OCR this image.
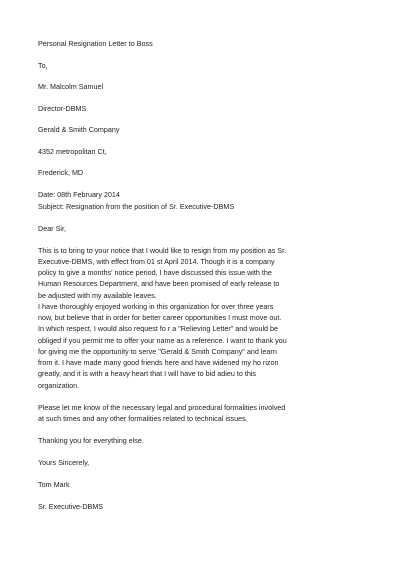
Personal Resignation Letter to Boss
To,
Mr. Malcolm Samuel
Director-DBMS
Gerald & Smith Company
4352 metropolitan Ct,
Frederick, MD
Date: 08th February 2014
Subject: Resignation from the position of Sr. Executive-DBMS
Dear Sir,
This is to bring to your notice that I would like to resign from my position as Sr.
Executive-DBMS, with effect from 01 st April 2014. Though it is a company
policy to give a months' notice period, I have discussed this issue with the
Human Resources Department, and have been promised of early release to
be adjusted with my available leaves.
I have thoroughly enjoyed working in this organization for over three years
now, but believe that in order for better career opportunities I must move out.
In which respect, I would also request fo r a "Relieving Letter" and would be
obliged if you permit me to offer your name as a reference. I want to thank you
for giving me the opportunity to serve "Gerald & Smith Company" and learn
from it. I have made many good friends here and have widened my ho rizon
greatly, and it is with a heavy heart that I will have to bid adieu to this
organization.
Please let me know of the necessary legal and procedural formalities involved
at such times and any other formalities related to technical issues.
Thanking you for everything else.
Yours Sincerely,
Tom Mark
Sr. Executive-DBMS
